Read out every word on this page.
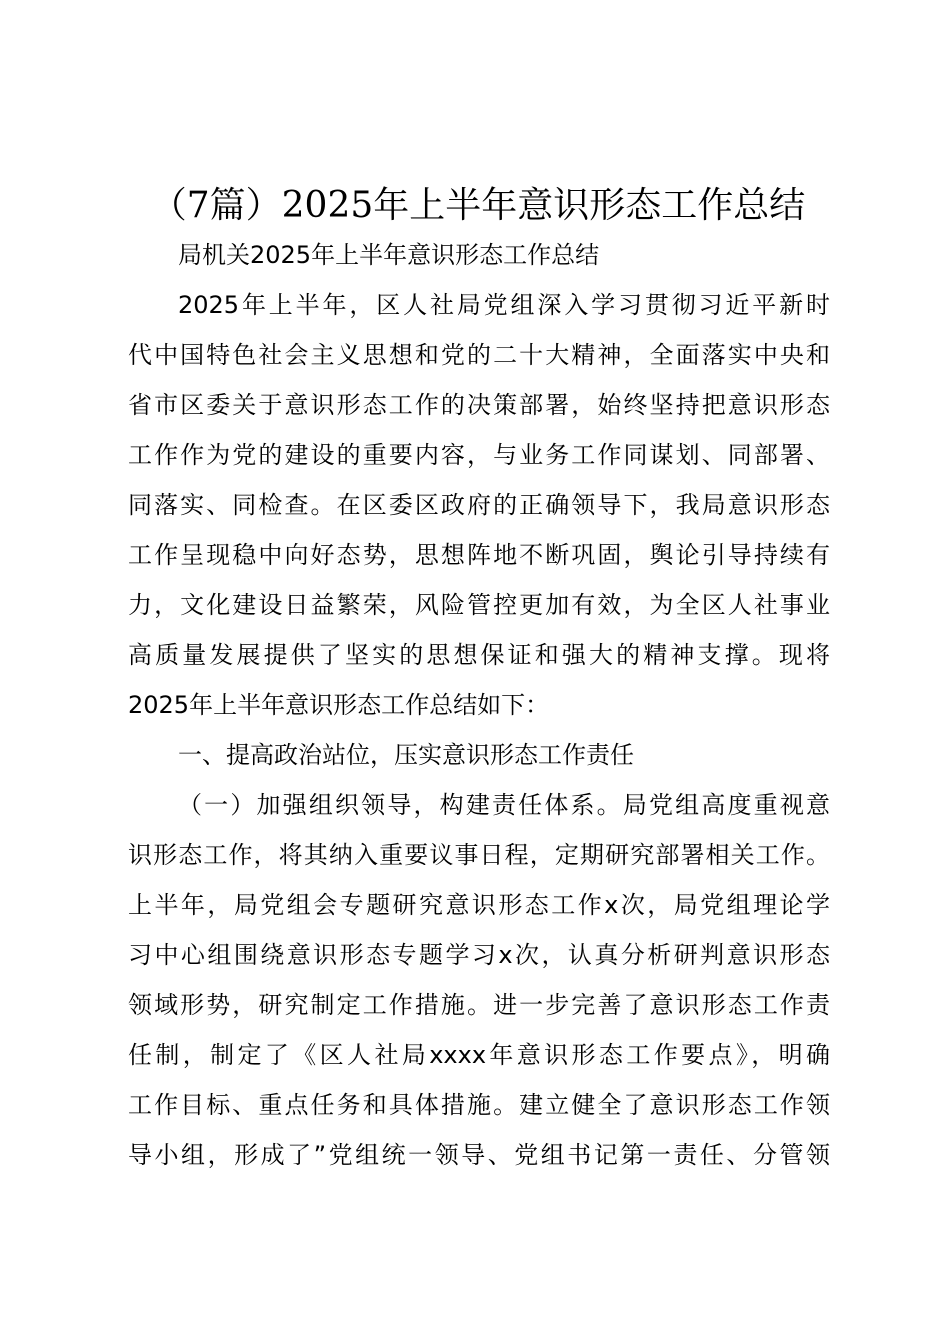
（7篇）2025年上半年意识形态工作总结
局机关2025年上半年意识形态工作总结
2025年上半年，区人社局党组深入学习贯彻习近平新时
代中国特色社会主义思想和党的二十大精神，全面落实中央和
省市区委关于意识形态工作的决策部署，始终坚持把意识形态
工作作为党的建设的重要内容，与业务工作同谋划、同部署、
同落实、同检查。在区委区政府的正确领导下，我局意识形态
工作呈现稳中向好态势，思想阵地不断巩固，舆论引导持续有
力，文化建设日益繁荣，风险管控更加有效，为全区人社事业
高质量发展提供了坚实的思想保证和强大的精神支撑。现将
2025年上半年意识形态工作总结如下：
一、提高政治站位，压实意识形态工作责任
（一）加强组织领导，构建责任体系。局党组高度重视意
识形态工作，将其纳入重要议事日程，定期研究部署相关工作。
上半年，局党组会专题研究意识形态工作x次，局党组理论学
习中心组围绕意识形态专题学习x次，认真分析研判意识形态
领域形势，研究制定工作措施。进一步完善了意识形态工作责
任制，制定了《区人社局xxxx年意识形态工作要点》，明确
工作目标、重点任务和具体措施。建立健全了意识形态工作领
导小组，形成了”党组统一领导、党组书记第一责任、分管领
